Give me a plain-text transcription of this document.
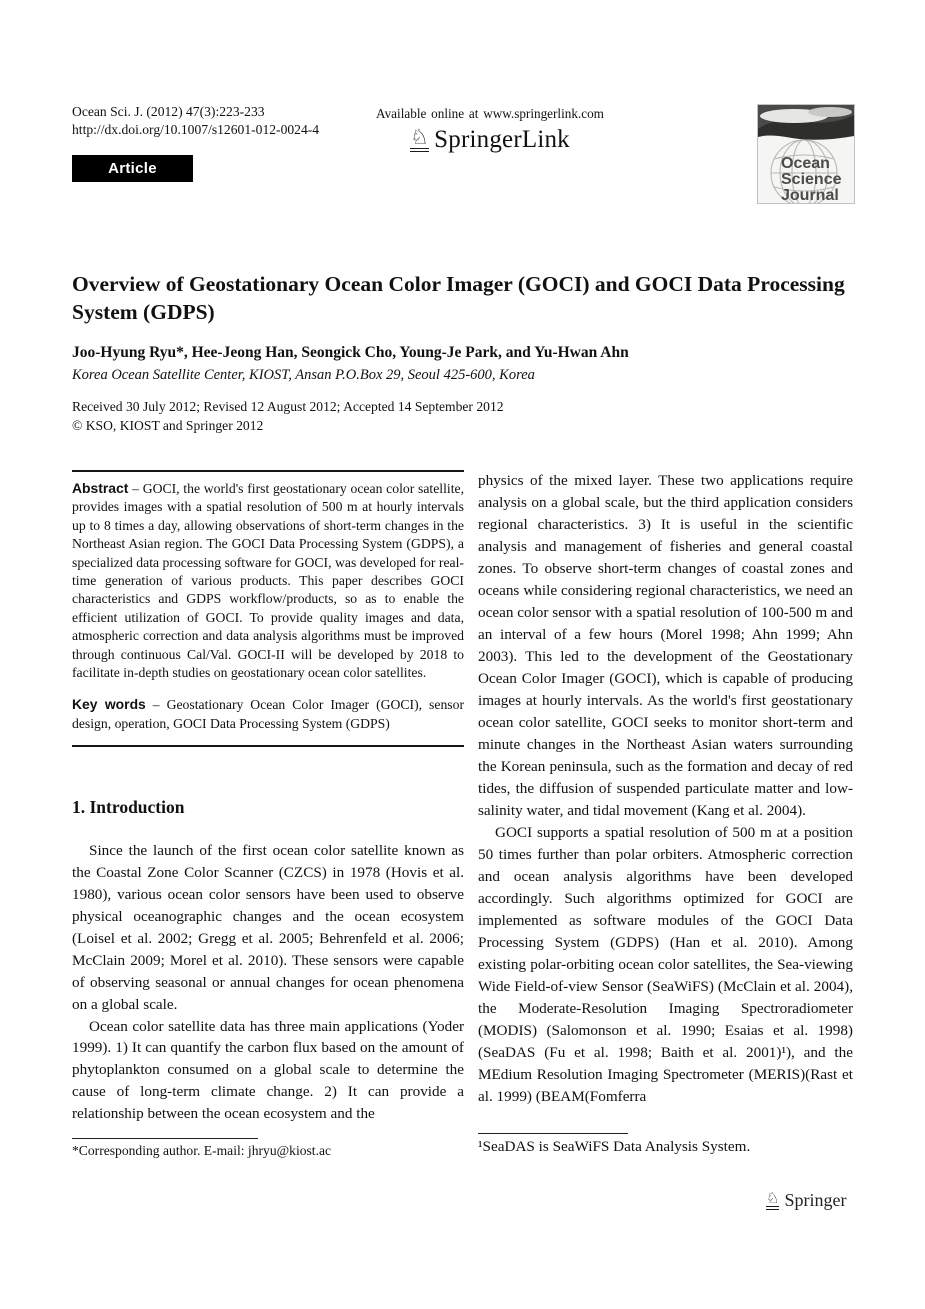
Ocean Sci. J. (2012) 47(3):223-233
http://dx.doi.org/10.1007/s12601-012-0024-4
Available online at www.springerlink.com
♘ SpringerLink
Ocean
Science
Journal
Article
Overview of Geostationary Ocean Color Imager (GOCI) and GOCI Data Processing System (GDPS)
Joo-Hyung Ryu*, Hee-Jeong Han, Seongick Cho, Young-Je Park, and Yu-Hwan Ahn
Korea Ocean Satellite Center, KIOST, Ansan P.O.Box 29, Seoul 425-600, Korea
Received 30 July 2012; Revised 12 August 2012; Accepted 14 September 2012
© KSO, KIOST and Springer 2012

Abstract – GOCI, the world's first geostationary ocean color satellite, provides images with a spatial resolution of 500 m at hourly intervals up to 8 times a day, allowing observations of short-term changes in the Northeast Asian region. The GOCI Data Processing System (GDPS), a specialized data processing software for GOCI, was developed for real-time generation of various products. This paper describes GOCI characteristics and GDPS workflow/products, so as to enable the efficient utilization of GOCI. To provide quality images and data, atmospheric correction and data analysis algorithms must be improved through continuous Cal/Val. GOCI-II will be developed by 2018 to facilitate in-depth studies on geostationary ocean color satellites.

Key words – Geostationary Ocean Color Imager (GOCI), sensor design, operation, GOCI Data Processing System (GDPS)

1. Introduction

Since the launch of the first ocean color satellite known as the Coastal Zone Color Scanner (CZCS) in 1978 (Hovis et al. 1980), various ocean color sensors have been used to observe physical oceanographic changes and the ocean ecosystem (Loisel et al. 2002; Gregg et al. 2005; Behrenfeld et al. 2006; McClain 2009; Morel et al. 2010). These sensors were capable of observing seasonal or annual changes for ocean phenomena on a global scale.

Ocean color satellite data has three main applications (Yoder 1999). 1) It can quantify the carbon flux based on the amount of phytoplankton consumed on a global scale to determine the cause of long-term climate change. 2) It can provide a relationship between the ocean ecosystem and the

physics of the mixed layer. These two applications require analysis on a global scale, but the third application considers regional characteristics. 3) It is useful in the scientific analysis and management of fisheries and general coastal zones. To observe short-term changes of coastal zones and oceans while considering regional characteristics, we need an ocean color sensor with a spatial resolution of 100-500 m and an interval of a few hours (Morel 1998; Ahn 1999; Ahn 2003). This led to the development of the Geostationary Ocean Color Imager (GOCI), which is capable of producing images at hourly intervals. As the world's first geostationary ocean color satellite, GOCI seeks to monitor short-term and minute changes in the Northeast Asian waters surrounding the Korean peninsula, such as the formation and decay of red tides, the diffusion of suspended particulate matter and low-salinity water, and tidal movement (Kang et al. 2004).

GOCI supports a spatial resolution of 500 m at a position 50 times further than polar orbiters. Atmospheric correction and ocean analysis algorithms have been developed accordingly. Such algorithms optimized for GOCI are implemented as software modules of the GOCI Data Processing System (GDPS) (Han et al. 2010). Among existing polar-orbiting ocean color satellites, the Sea-viewing Wide Field-of-view Sensor (SeaWiFS) (McClain et al. 2004), the Moderate-Resolution Imaging Spectroradiometer (MODIS) (Salomonson et al. 1990; Esaias et al. 1998) (SeaDAS (Fu et al. 1998; Baith et al. 2001)¹), and the MEdium Resolution Imaging Spectrometer (MERIS)(Rast et al. 1999) (BEAM(Fomferra

*Corresponding author. E-mail: jhryu@kiost.ac	¹SeaDAS is SeaWiFS Data Analysis System.
♘ Springer
